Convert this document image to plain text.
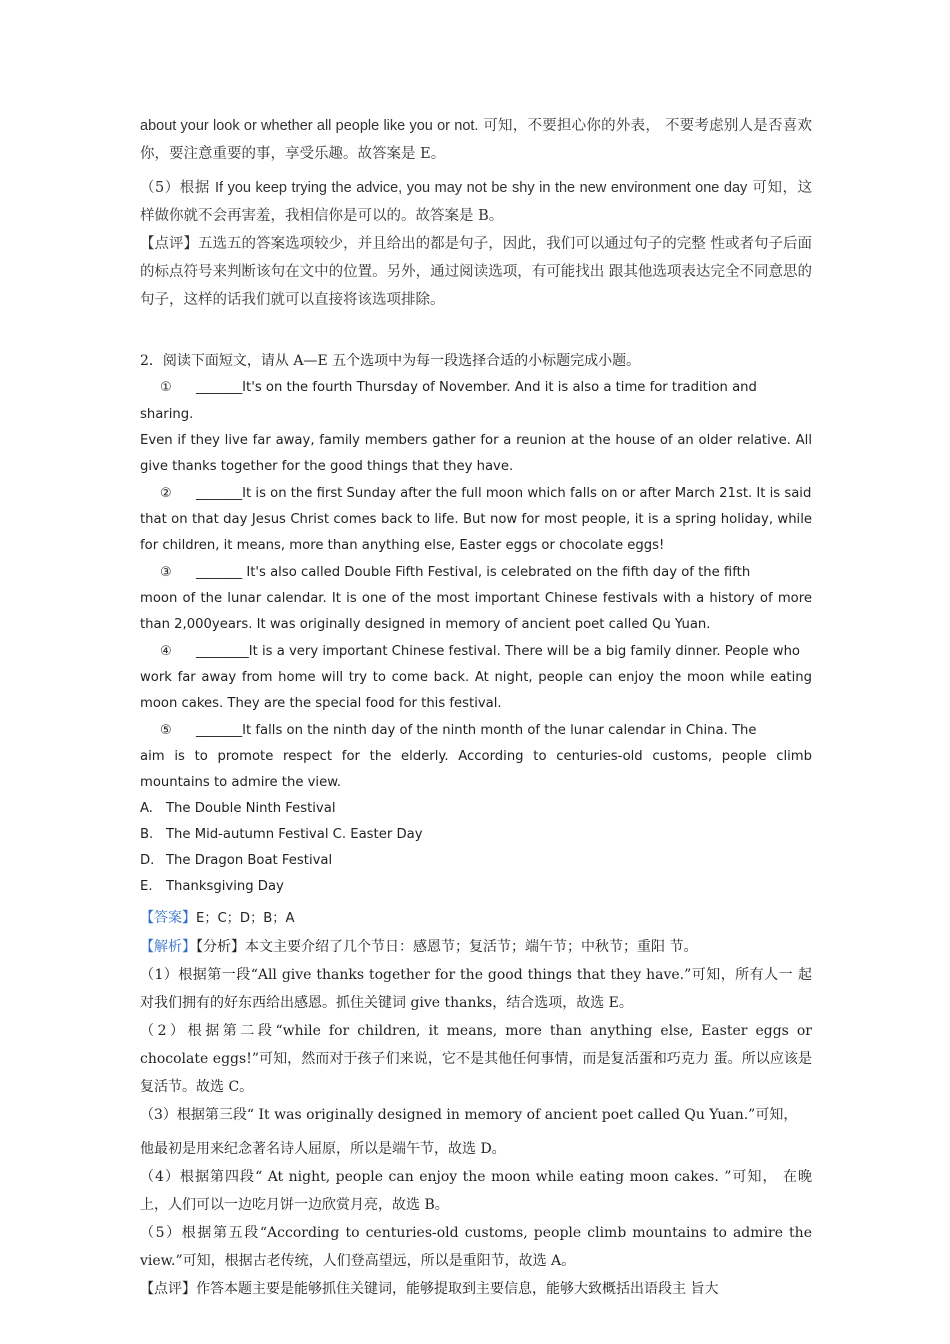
about your look or whether all people like you or not. 可知，不要担心你的外表， 不要考虑别人是否喜欢你，要注意重要的事，享受乐趣。故答案是 E。

（5）根据 If you keep trying the advice, you may not be shy in the new environment one day 可知，这样做你就不会再害羞，我相信你是可以的。故答案是 B。

【点评】五选五的答案选项较少，并且给出的都是句子，因此，我们可以通过句子的完整 性或者句子后面的标点符号来判断该句在文中的位置。另外，通过阅读选项，有可能找出 跟其他选项表达完全不同意思的句子，这样的话我们就可以直接将该选项排除。

2．阅读下面短文，请从 A—E 五个选项中为每一段选择合适的小标题完成小题。

① _______It's on the fourth Thursday of November. And it is also a time for tradition and sharing.

Even if they live far away, family members gather for a reunion at the house of an older relative. All give thanks together for the good things that they have.

② _______It is on the first Sunday after the full moon which falls on or after March 21st. It is said

that on that day Jesus Christ comes back to life. But now for most people, it is a spring holiday, while for children, it means, more than anything else, Easter eggs or chocolate eggs!

③ _______ It's also called Double Fifth Festival, is celebrated on the fifth day of the fifth

moon of the lunar calendar. It is one of the most important Chinese festivals with a history of more than 2,000years. It was originally designed in memory of ancient poet called Qu Yuan.

④ ________It is a very important Chinese festival. There will be a big family dinner. People who

work far away from home will try to come back. At night, people can enjoy the moon while eating moon cakes. They are the special food for this festival.

⑤ _______It falls on the ninth day of the ninth month of the lunar calendar in China. The

aim is to promote respect for the elderly. According to centuries-old customs, people climb mountains to admire the view.

A. The Double Ninth Festival

B. The Mid-autumn Festival C. Easter Day

D. The Dragon Boat Festival

E. Thanksgiving Day

【答案】E；C；D；B；A

【解析】【分析】本文主要介绍了几个节日：感恩节；复活节；端午节；中秋节；重阳 节。

（1）根据第一段“All give thanks together for the good things that they have.”可知，所有人一 起对我们拥有的好东西给出感恩。抓住关键词 give thanks，结合选项，故选 E。

（2）根据第二段“while for children, it means, more than anything else, Easter eggs or chocolate eggs!”可知，然而对于孩子们来说，它不是其他任何事情，而是复活蛋和巧克力 蛋。所以应该是复活节。故选 C。

（3）根据第三段“ It was originally designed in memory of ancient poet called Qu Yuan.”可知，

他最初是用来纪念著名诗人屈原，所以是端午节，故选 D。

（4）根据第四段“ At night, people can enjoy the moon while eating moon cakes. ”可知， 在晚 上，人们可以一边吃月饼一边欣赏月亮，故选 B。

（5）根据第五段“According to centuries-old customs, people climb mountains to admire the view.”可知，根据古老传统，人们登高望远，所以是重阳节，故选 A。

【点评】作答本题主要是能够抓住关键词，能够提取到主要信息，能够大致概括出语段主 旨大
